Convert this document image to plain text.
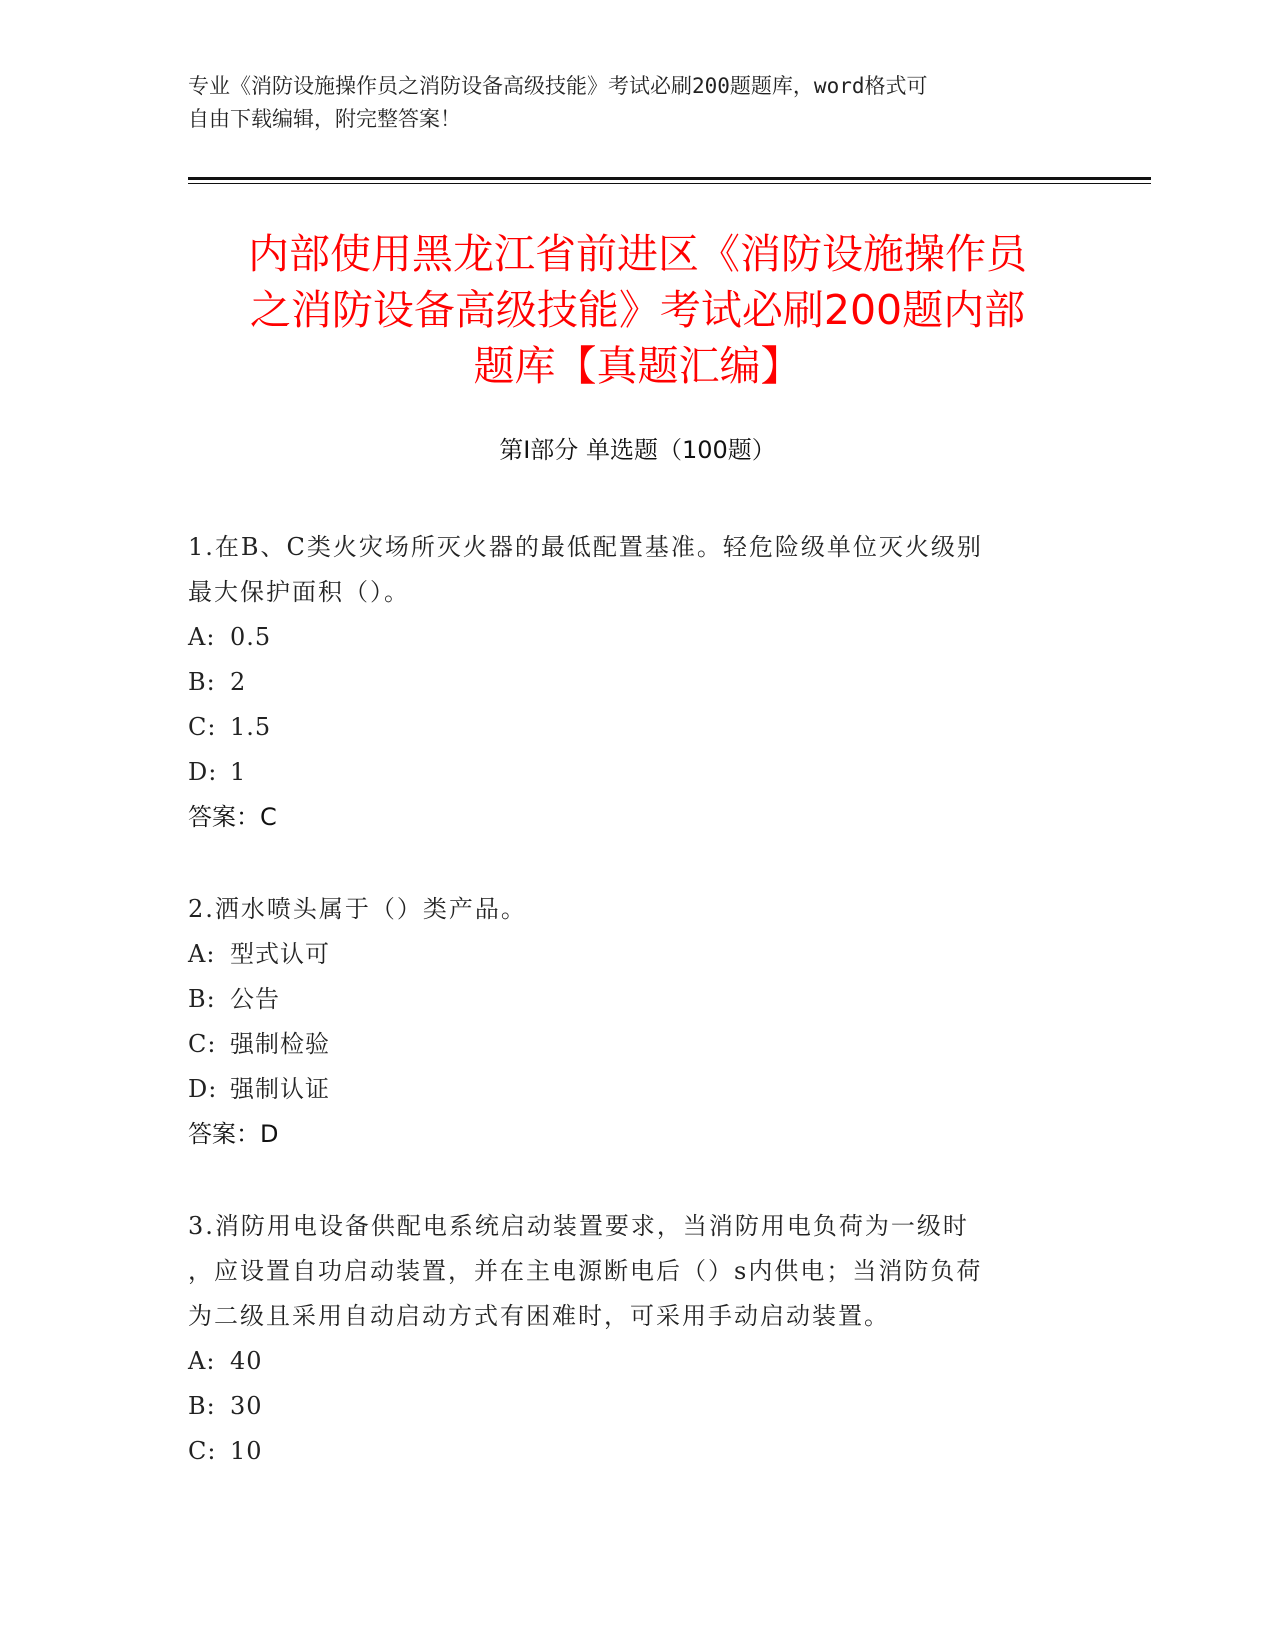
专业《消防设施操作员之消防设备高级技能》考试必刷200题题库，word格式可
自由下载编辑，附完整答案！
内部使用黑龙江省前进区《消防设施操作员
之消防设备高级技能》考试必刷200题内部
题库【真题汇编】
第I部分 单选题（100题）
1.在B、C类火灾场所灭火器的最低配置基准。轻危险级单位灭火级别
最大保护面积（）。
A: 0.5
B: 2
C: 1.5
D: 1
答案：C
2.洒水喷头属于（）类产品。
A: 型式认可
B: 公告
C: 强制检验
D: 强制认证
答案：D
3.消防用电设备供配电系统启动装置要求，当消防用电负荷为一级时
，应设置自功启动装置，并在主电源断电后（）s内供电；当消防负荷
为二级且采用自动启动方式有困难时，可采用手动启动装置。
A: 40
B: 30
C: 10
